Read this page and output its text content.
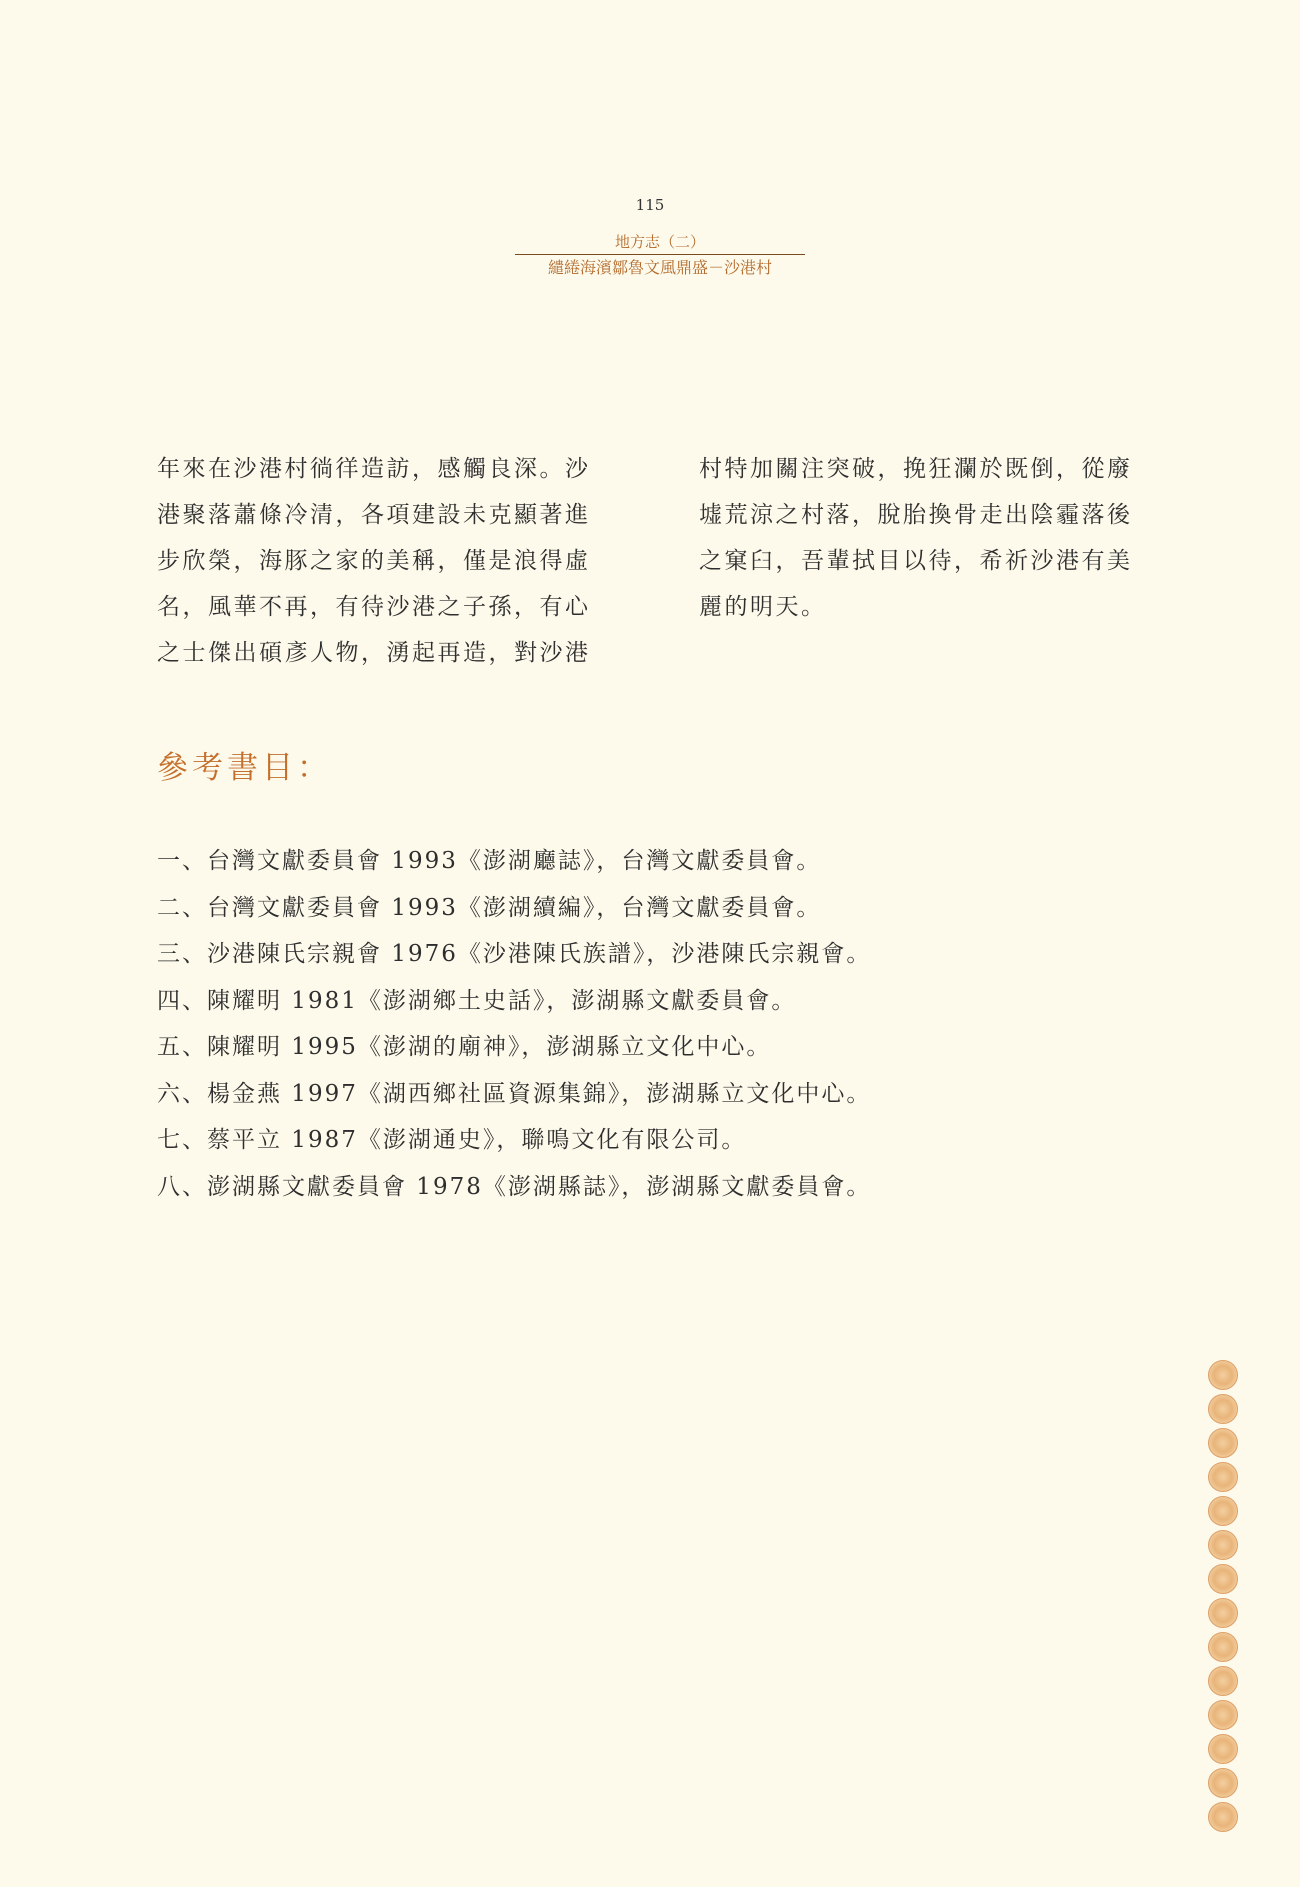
115
地方志（二）
繾綣海濱鄒魯文風鼎盛－沙港村
年來在沙港村徜徉造訪，感觸良深。沙
港聚落蕭條冷清，各項建設未克顯著進
步欣榮，海豚之家的美稱，僅是浪得虛
名，風華不再，有待沙港之子孫，有心
之士傑出碩彥人物，湧起再造，對沙港
村特加關注突破，挽狂瀾於既倒，從廢
墟荒涼之村落，脫胎換骨走出陰霾落後
之窠臼，吾輩拭目以待，希祈沙港有美
麗的明天。
參考書目：
一、台灣文獻委員會 1993《澎湖廳誌》，台灣文獻委員會。
二、台灣文獻委員會 1993《澎湖續編》，台灣文獻委員會。
三、沙港陳氏宗親會 1976《沙港陳氏族譜》，沙港陳氏宗親會。
四、陳耀明 1981《澎湖鄉土史話》，澎湖縣文獻委員會。
五、陳耀明 1995《澎湖的廟神》，澎湖縣立文化中心。
六、楊金燕 1997《湖西鄉社區資源集錦》，澎湖縣立文化中心。
七、蔡平立 1987《澎湖通史》，聯鳴文化有限公司。
八、澎湖縣文獻委員會 1978《澎湖縣誌》，澎湖縣文獻委員會。
